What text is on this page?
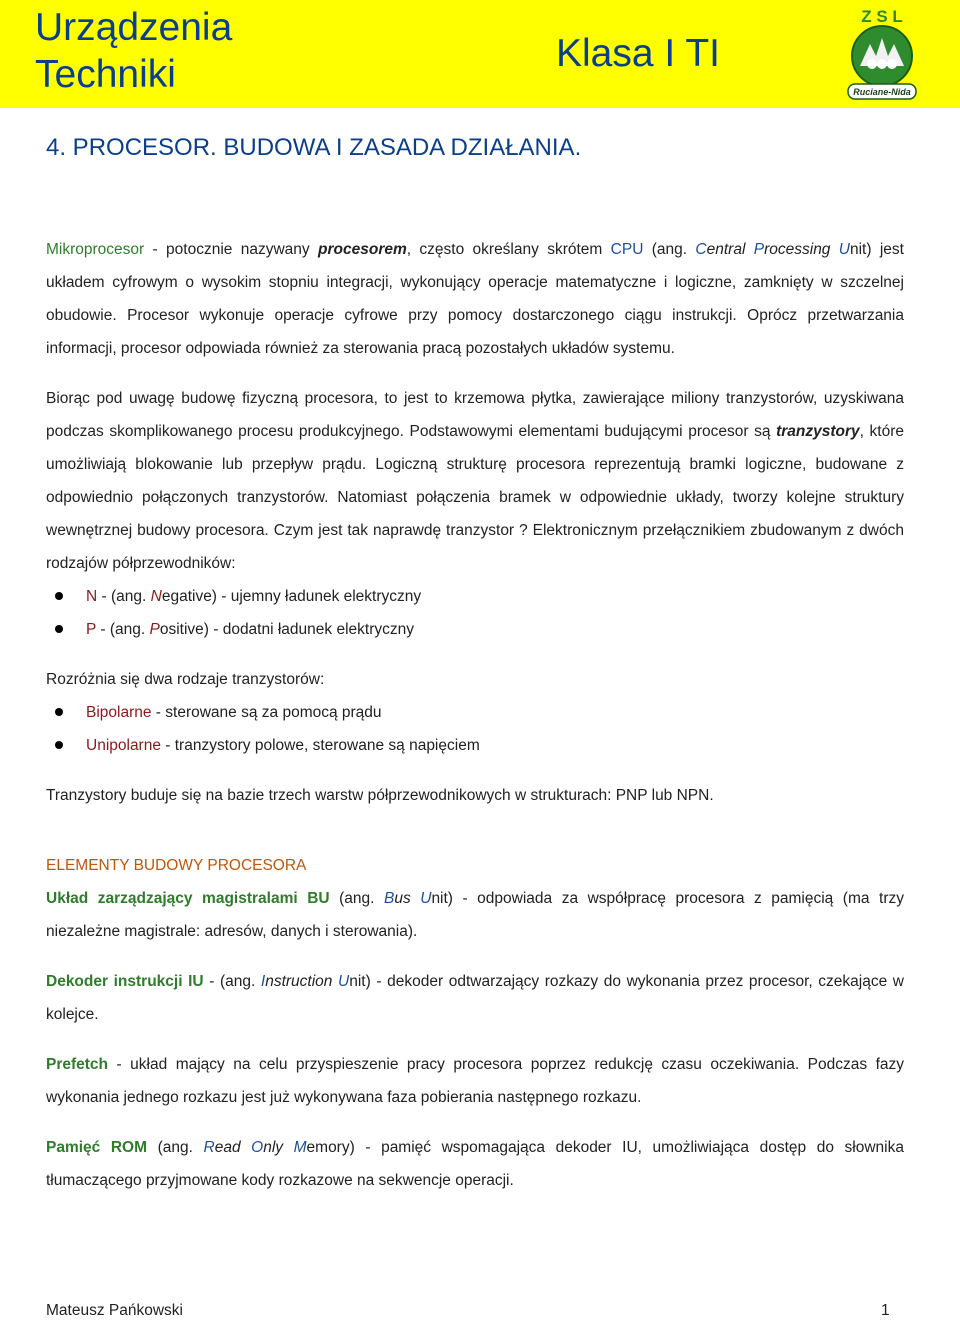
Urządzenia
Techniki	Klasa I TI
Z S L
Ruciane-Nida
4. PROCESOR. BUDOWA I ZASADA DZIAŁANIA.

Mikroprocesor - potocznie nazywany procesorem, często określany skrótem CPU (ang. Central Processing Unit) jest układem cyfrowym o wysokim stopniu integracji, wykonujący operacje matematyczne i logiczne, zamknięty w szczelnej obudowie. Procesor wykonuje operacje cyfrowe przy pomocy dostarczonego ciągu instrukcji. Oprócz przetwarzania informacji, procesor odpowiada również za sterowania pracą pozostałych układów systemu.

Biorąc pod uwagę budowę fizyczną procesora, to jest to krzemowa płytka, zawierające miliony tranzystorów, uzyskiwana podczas skomplikowanego procesu produkcyjnego. Podstawowymi elementami budującymi procesor są tranzystory, które umożliwiają blokowanie lub przepływ prądu. Logiczną strukturę procesora reprezentują bramki logiczne, budowane z odpowiednio połączonych tranzystorów. Natomiast połączenia bramek w odpowiednie układy, tworzy kolejne struktury wewnętrznej budowy procesora. Czym jest tak naprawdę tranzystor ? Elektronicznym przełącznikiem zbudowanym z dwóch rodzajów półprzewodników:

N - (ang. Negative) - ujemny ładunek elektryczny
P - (ang. Positive) - dodatni ładunek elektryczny

Rozróżnia się dwa rodzaje tranzystorów:

Bipolarne - sterowane są za pomocą prądu
Unipolarne - tranzystory polowe, sterowane są napięciem

Tranzystory buduje się na bazie trzech warstw półprzewodnikowych w strukturach: PNP lub NPN.

ELEMENTY BUDOWY PROCESORA

Układ zarządzający magistralami BU (ang. Bus Unit) - odpowiada za współpracę procesora z pamięcią (ma trzy niezależne magistrale: adresów, danych i sterowania).

Dekoder instrukcji IU - (ang. Instruction Unit) - dekoder odtwarzający rozkazy do wykonania przez procesor, czekające w kolejce.

Prefetch - układ mający na celu przyspieszenie pracy procesora poprzez redukcję czasu oczekiwania. Podczas fazy wykonania jednego rozkazu jest już wykonywana faza pobierania następnego rozkazu.

Pamięć ROM (ang. Read Only Memory) - pamięć wspomagająca dekoder IU, umożliwiająca dostęp do słownika tłumaczącego przyjmowane kody rozkazowe na sekwencje operacji.

Mateusz Pańkowski	1
